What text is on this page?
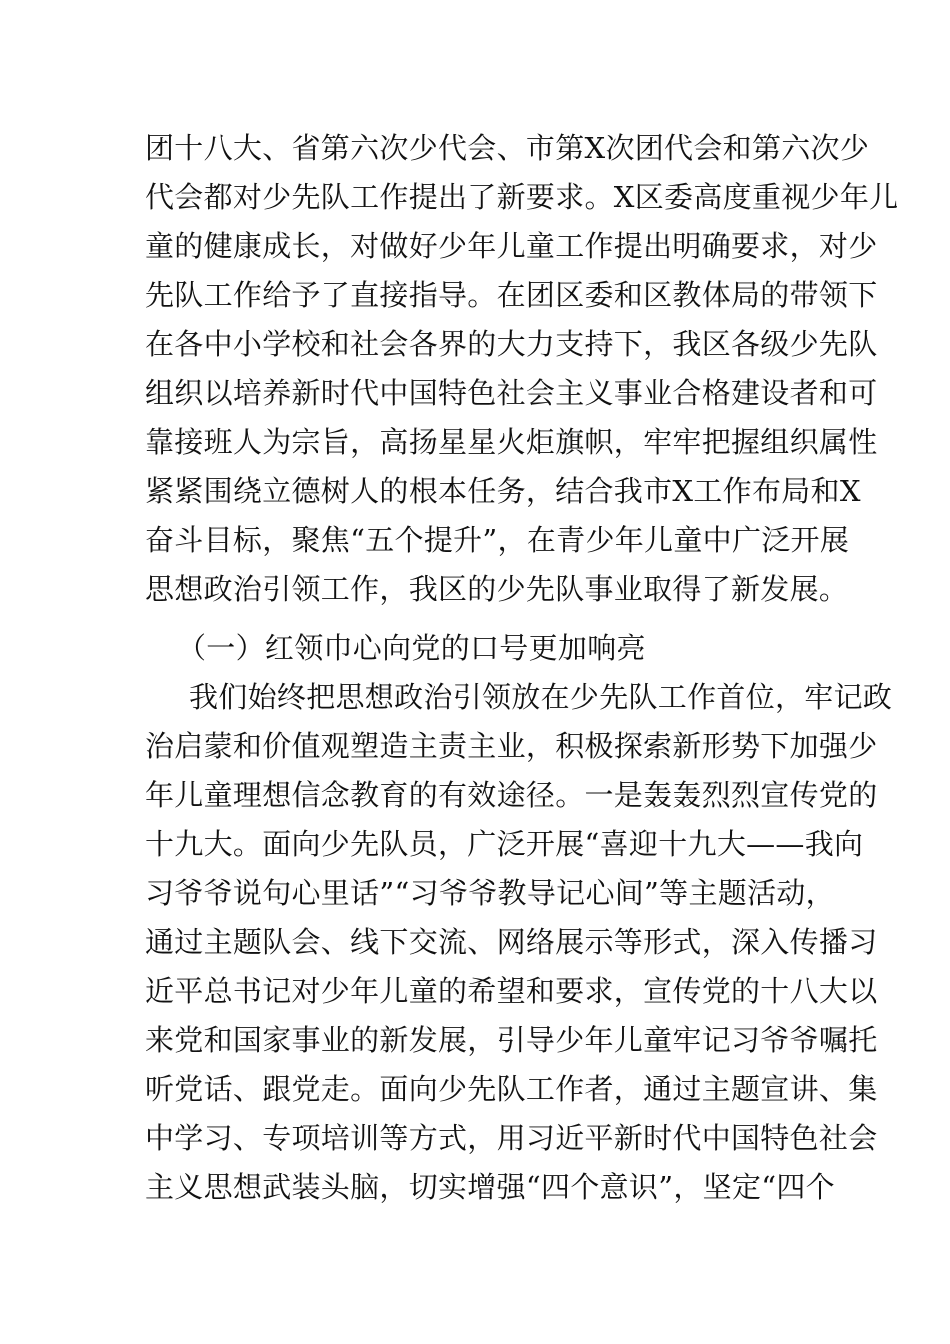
团十八大、省第六次少代会、市第X次团代会和第六次少
代会都对少先队工作提出了新要求。X区委高度重视少年儿
童的健康成长，对做好少年儿童工作提出明确要求，对少
先队工作给予了直接指导。在团区委和区教体局的带领下
在各中小学校和社会各界的大力支持下，我区各级少先队
组织以培养新时代中国特色社会主义事业合格建设者和可
靠接班人为宗旨，高扬星星火炬旗帜，牢牢把握组织属性
紧紧围绕立德树人的根本任务，结合我市X工作布局和X
奋斗目标，聚焦“五个提升”，在青少年儿童中广泛开展
思想政治引领工作，我区的少先队事业取得了新发展。
（一）红领巾心向党的口号更加响亮
我们始终把思想政治引领放在少先队工作首位，牢记政
治启蒙和价值观塑造主责主业，积极探索新形势下加强少
年儿童理想信念教育的有效途径。一是轰轰烈烈宣传党的
十九大。面向少先队员，广泛开展“喜迎十九大——我向
习爷爷说句心里话”“习爷爷教导记心间”等主题活动，
通过主题队会、线下交流、网络展示等形式，深入传播习
近平总书记对少年儿童的希望和要求，宣传党的十八大以
来党和国家事业的新发展，引导少年儿童牢记习爷爷嘱托
听党话、跟党走。面向少先队工作者，通过主题宣讲、集
中学习、专项培训等方式，用习近平新时代中国特色社会
主义思想武装头脑，切实增强“四个意识”，坚定“四个
